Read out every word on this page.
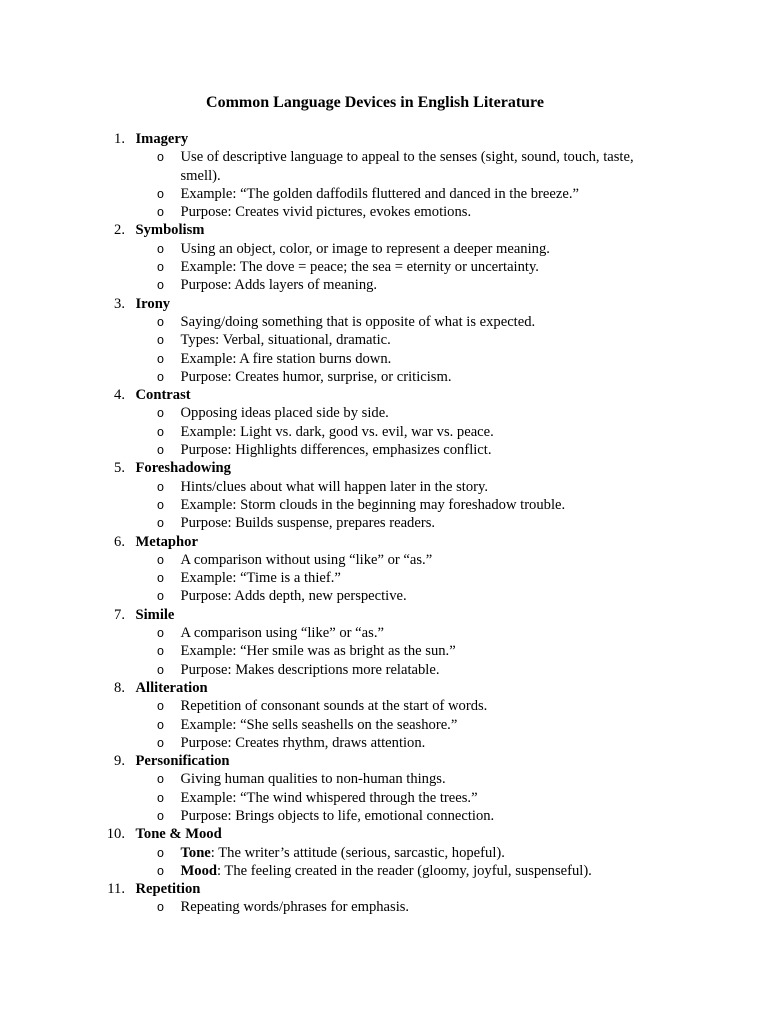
Common Language Devices in English Literature
1. Imagery
o Use of descriptive language to appeal to the senses (sight, sound, touch, taste, smell).
o Example: “The golden daffodils fluttered and danced in the breeze.”
o Purpose: Creates vivid pictures, evokes emotions.
2. Symbolism
o Using an object, color, or image to represent a deeper meaning.
o Example: The dove = peace; the sea = eternity or uncertainty.
o Purpose: Adds layers of meaning.
3. Irony
o Saying/doing something that is opposite of what is expected.
o Types: Verbal, situational, dramatic.
o Example: A fire station burns down.
o Purpose: Creates humor, surprise, or criticism.
4. Contrast
o Opposing ideas placed side by side.
o Example: Light vs. dark, good vs. evil, war vs. peace.
o Purpose: Highlights differences, emphasizes conflict.
5. Foreshadowing
o Hints/clues about what will happen later in the story.
o Example: Storm clouds in the beginning may foreshadow trouble.
o Purpose: Builds suspense, prepares readers.
6. Metaphor
o A comparison without using “like” or “as.”
o Example: “Time is a thief.”
o Purpose: Adds depth, new perspective.
7. Simile
o A comparison using “like” or “as.”
o Example: “Her smile was as bright as the sun.”
o Purpose: Makes descriptions more relatable.
8. Alliteration
o Repetition of consonant sounds at the start of words.
o Example: “She sells seashells on the seashore.”
o Purpose: Creates rhythm, draws attention.
9. Personification
o Giving human qualities to non-human things.
o Example: “The wind whispered through the trees.”
o Purpose: Brings objects to life, emotional connection.
10. Tone & Mood
o Tone: The writer’s attitude (serious, sarcastic, hopeful).
o Mood: The feeling created in the reader (gloomy, joyful, suspenseful).
11. Repetition
o Repeating words/phrases for emphasis.
